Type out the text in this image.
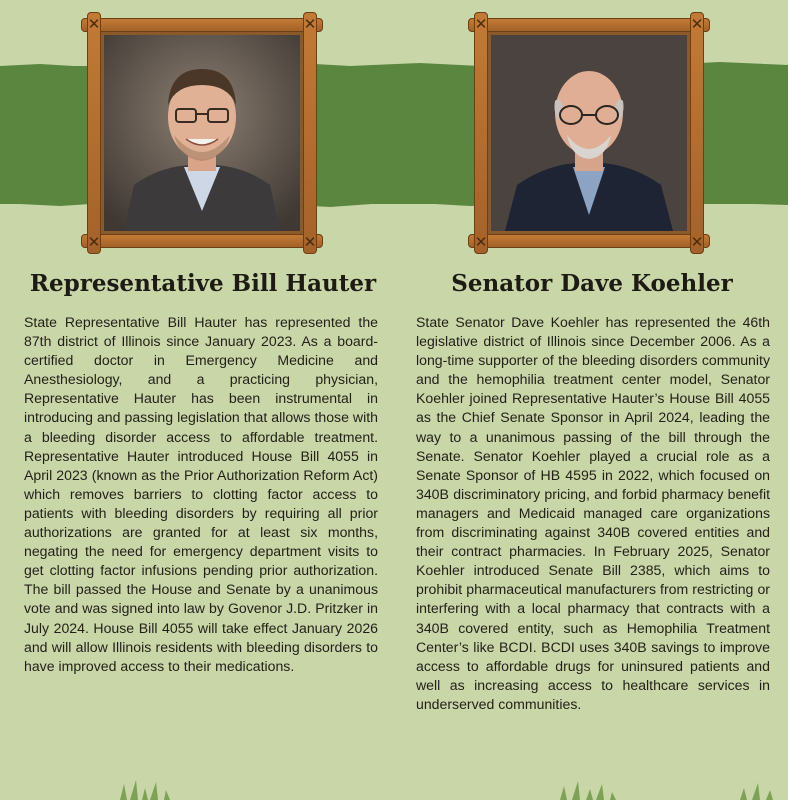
✕	✕
✕	✕
✕	✕
✕	✕
Representative Bill Hauter	Senator Dave Koehler

State Representative Bill Hauter has represented the 87th district of Illinois since January 2023. As a board-certified doctor in Emergency Medicine and Anesthesiology, and a practicing physician, Representative Hauter has been instrumental in introducing and passing legislation that allows those with a bleeding disorder access to affordable treatment. Representative Hauter introduced House Bill 4055 in April 2023 (known as the Prior Authorization Reform Act) which removes barriers to clotting factor access to patients with bleeding disorders by requiring all prior authorizations are granted for at least six months, negating the need for emergency department visits to get clotting factor infusions pending prior authorization. The bill passed the House and Senate by a unanimous vote and was signed into law by Govenor J.D. Pritzker in July 2024. House Bill 4055 will take effect January 2026 and will allow Illinois residents with bleeding disorders to have improved access to their medications.

State Senator Dave Koehler has represented the 46th legislative district of Illinois since December 2006. As a long-time supporter of the bleeding disorders community and the hemophilia treatment center model, Senator Koehler joined Representative Hauter’s House Bill 4055 as the Chief Senate Sponsor in April 2024, leading the way to a unanimous passing of the bill through the Senate. Senator Koehler played a crucial role as a Senate Sponsor of HB 4595 in 2022, which focused on 340B discriminatory pricing, and forbid pharmacy benefit managers and Medicaid managed care organizations from discriminating against 340B covered entities and their contract pharmacies. In February 2025, Senator Koehler introduced Senate Bill 2385, which aims to prohibit pharmaceutical manufacturers from restricting or interfering with a local pharmacy that contracts with a 340B covered entity, such as Hemophilia Treatment Center’s like BCDI. BCDI uses 340B savings to improve access to affordable drugs for uninsured patients and well as increasing access to healthcare services in underserved communities.
